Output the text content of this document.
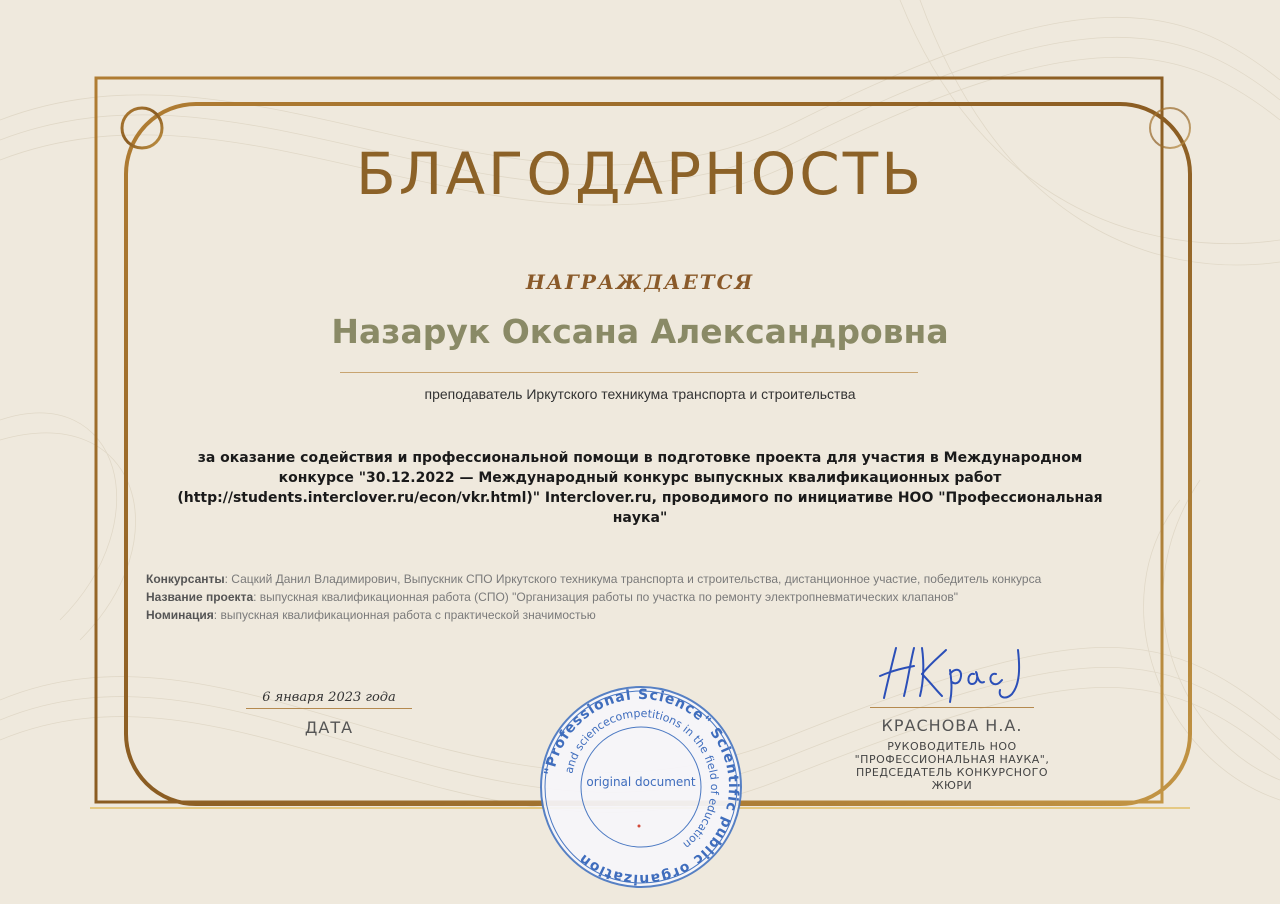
БЛАГОДАРНОСТЬ
НАГРАЖДАЕТСЯ
Назарук Оксана Александровна
преподаватель Иркутского техникума транспорта и строительства
за оказание содействия и профессиональной помощи в подготовке проекта для участия в Международном конкурсе "30.12.2022 — Международный конкурс выпускных квалификационных работ (http://students.interclover.ru/econ/vkr.html)" Interclover.ru, проводимого по инициативе НОО "Профессиональная наука"
Конкурсанты: Сацкий Данил Владимирович, Выпускник СПО Иркутского техникума транспорта и строительства, дистанционное участие, победитель конкурса
Название проекта: выпускная квалификационная работа (СПО) "Организация работы по участка по ремонту электропневматических клапанов"
Номинация: выпускная квалификационная работа с практической значимостью
6 января 2023 года
ДАТА	КРАСНОВА Н.А.
РУКОВОДИТЕЛЬ НОО "ПРОФЕССИОНАЛЬНАЯ НАУКА", ПРЕДСЕДАТЕЛЬ КОНКУРСНОГО ЖЮРИ
"Professional Science" Scientific public organization
and sciencecompetitions in the field of education
original document
